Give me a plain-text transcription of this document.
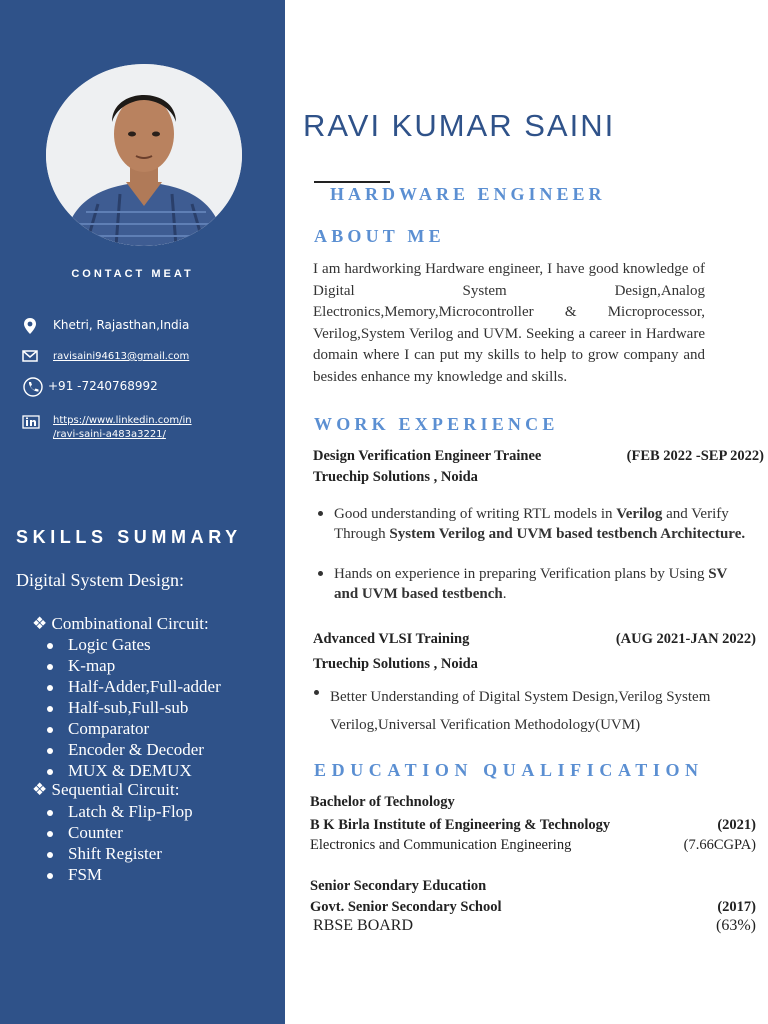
CONTACT MEAT
Khetri, Rajasthan,India
ravisaini94613@gmail.com
+91 -7240768992
https://www.linkedin.com/in
/ravi-saini-a483a3221/
SKILLS SUMMARY
Digital System Design:
❖ Combinational Circuit:
Logic Gates
K-map
Half-Adder,Full-adder
Half-sub,Full-sub
Comparator
Encoder & Decoder
MUX & DEMUX
❖ Sequential Circuit:
Latch & Flip-Flop
Counter
Shift Register
FSM
RAVI KUMAR SAINI
HARDWARE ENGINEER
ABOUT ME
I am hardworking Hardware engineer, I have good knowledge of Digital System Design,Analog Electronics,Memory,Microcontroller & Microprocessor, Verilog,System Verilog and UVM. Seeking a career in Hardware domain where I can put my skills to help to grow company and besides enhance my knowledge and skills.
WORK EXPERIENCE
Design Verification Engineer Trainee	(FEB 2022 -SEP 2022)
Truechip Solutions , Noida
Good understanding of writing RTL models in Verilog and Verify Through System Verilog and UVM based testbench Architecture.
Hands on experience in preparing Verification plans by Using SV and UVM based testbench.
Advanced VLSI Training	(AUG 2021-JAN 2022)
Truechip Solutions , Noida
Better Understanding of Digital System Design,Verilog System Verilog,Universal Verification Methodology(UVM)
EDUCATION QUALIFICATION
Bachelor of Technology
B K Birla Institute of Engineering & Technology	(2021)
Electronics and Communication Engineering	(7.66CGPA)
Senior Secondary Education
Govt. Senior Secondary School	(2017)
RBSE BOARD	(63%)
